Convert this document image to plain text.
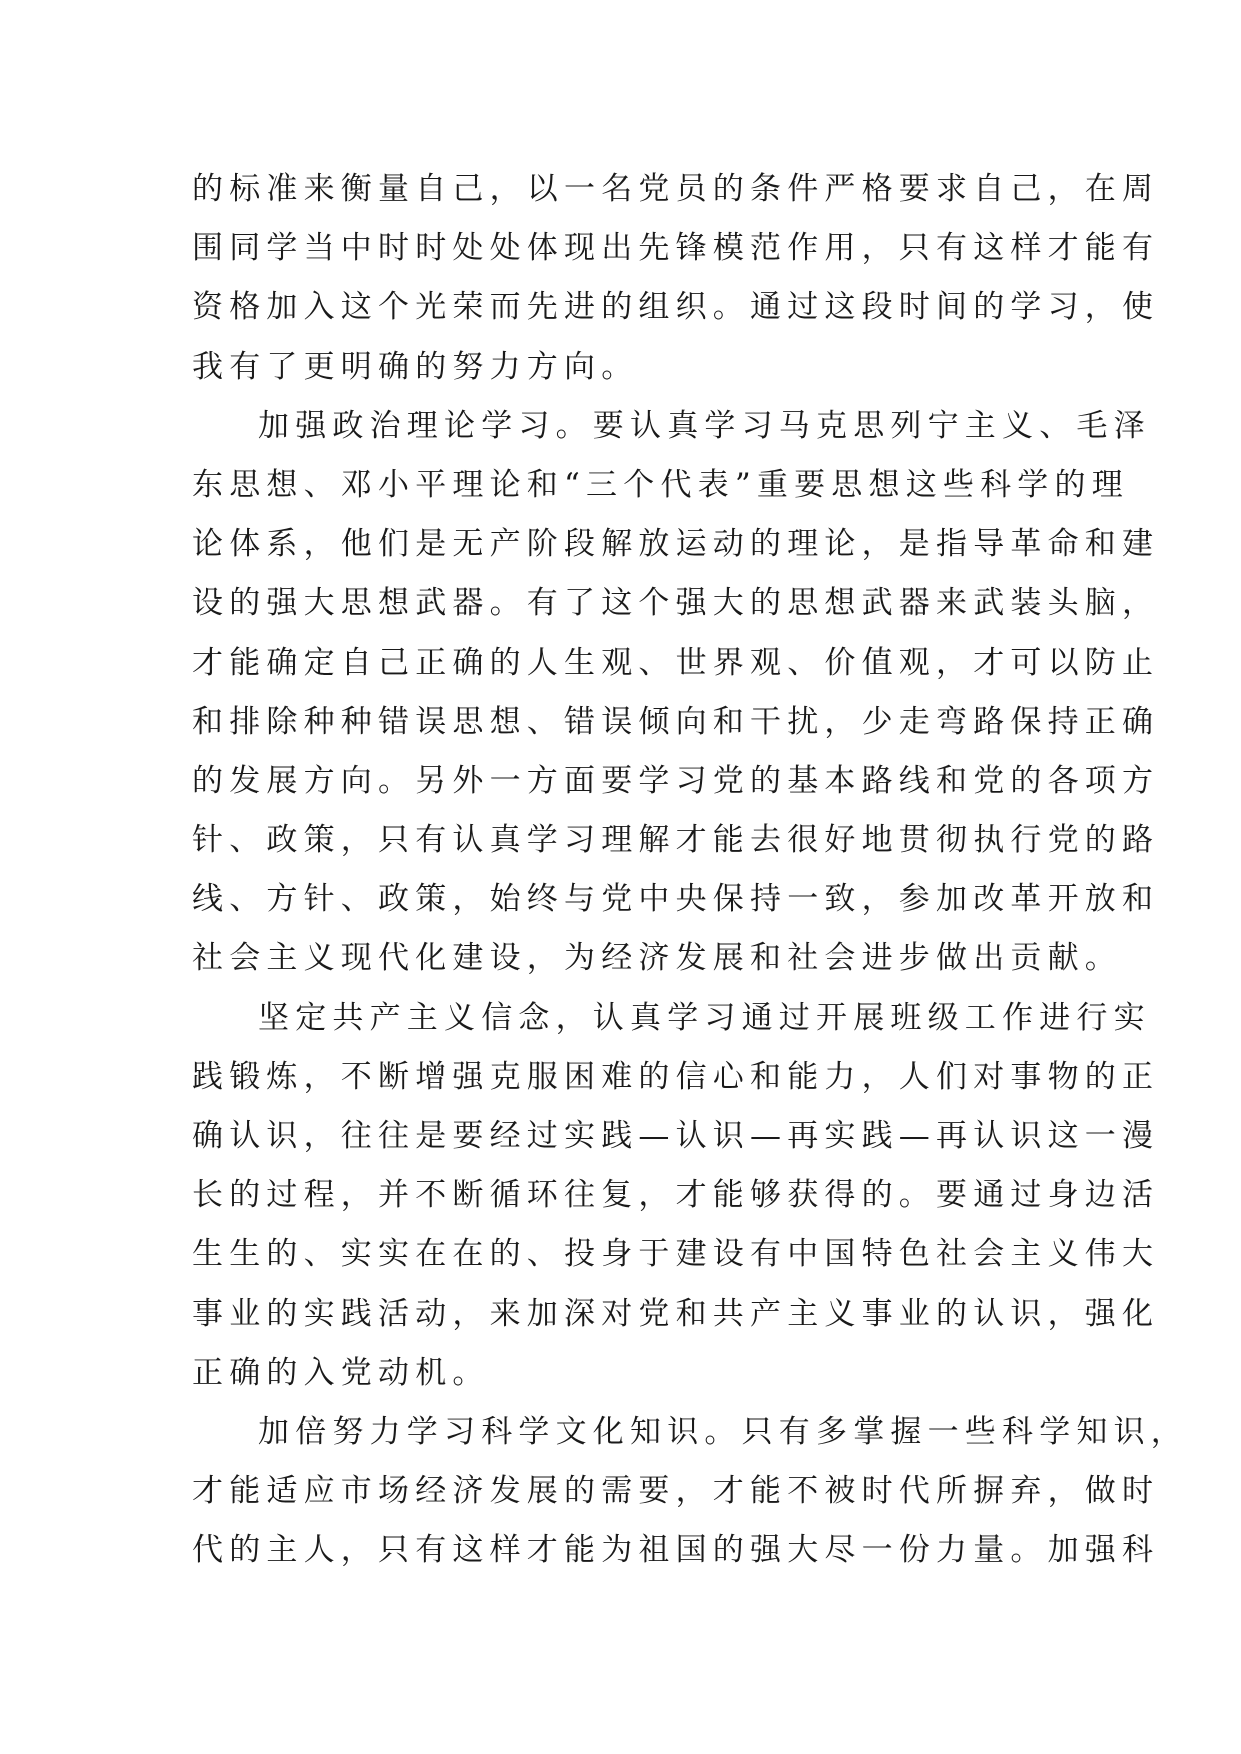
的标准来衡量自己，以一名党员的条件严格要求自己，在周
围同学当中时时处处体现出先锋模范作用，只有这样才能有
资格加入这个光荣而先进的组织。通过这段时间的学习，使
我有了更明确的努力方向。
加强政治理论学习。要认真学习马克思列宁主义、毛泽
东思想、邓小平理论和“三个代表”重要思想这些科学的理
论体系，他们是无产阶段解放运动的理论，是指导革命和建
设的强大思想武器。有了这个强大的思想武器来武装头脑，
才能确定自己正确的人生观、世界观、价值观，才可以防止
和排除种种错误思想、错误倾向和干扰，少走弯路保持正确
的发展方向。另外一方面要学习党的基本路线和党的各项方
针、政策，只有认真学习理解才能去很好地贯彻执行党的路
线、方针、政策，始终与党中央保持一致，参加改革开放和
社会主义现代化建设，为经济发展和社会进步做出贡献。
坚定共产主义信念，认真学习通过开展班级工作进行实
践锻炼，不断增强克服困难的信心和能力，人们对事物的正
确认识，往往是要经过实践—认识—再实践—再认识这一漫
长的过程，并不断循环往复，才能够获得的。要通过身边活
生生的、实实在在的、投身于建设有中国特色社会主义伟大
事业的实践活动，来加深对党和共产主义事业的认识，强化
正确的入党动机。
加倍努力学习科学文化知识。只有多掌握一些科学知识，
才能适应市场经济发展的需要，才能不被时代所摒弃，做时
代的主人，只有这样才能为祖国的强大尽一份力量。加强科
